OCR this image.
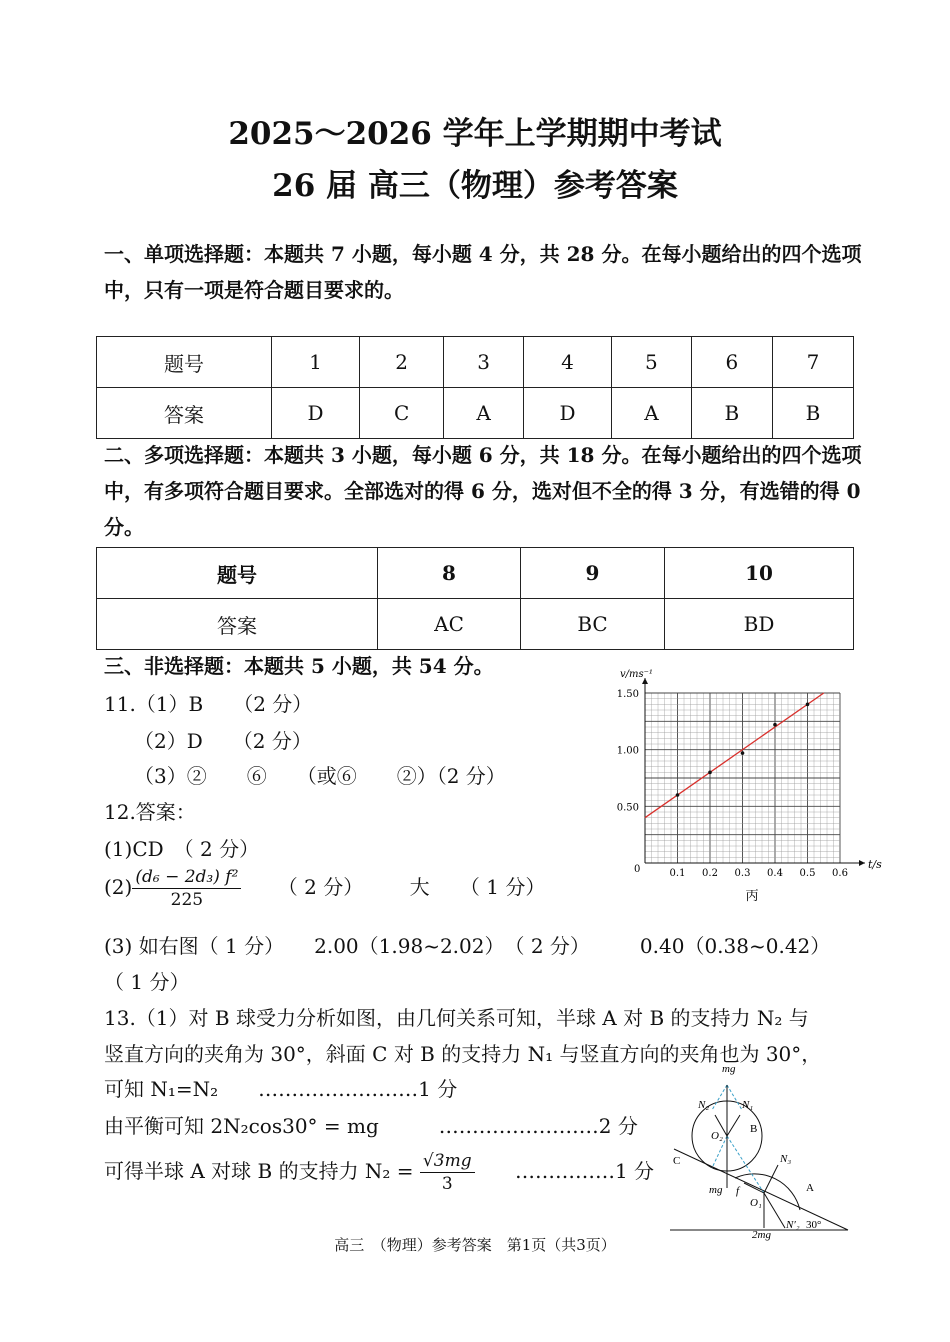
2025～2026 学年上学期期中考试
26 届 高三（物理）参考答案
一、单项选择题：本题共 7 小题，每小题 4 分，共 28 分。在每小题给出的四个选项中，只有一项是符合题目要求的。
题号	1	2	3	4	5	6	7
答案	D	C	A	D	A	B	B
二、多项选择题：本题共 3 小题，每小题 6 分，共 18 分。在每小题给出的四个选项中，有多项符合题目要求。全部选对的得 6 分，选对但不全的得 3 分，有选错的得 0 分。
题号	8	9	10
答案	AC	BC	BD
三、非选择题：本题共 5 小题，共 54 分。
11.（1）B　　（2 分）
（2）D　　（2 分）
（3）②　　⑥　　（或⑥　　②）（2 分）
12.答案：
(1)CD　（ 2 分）
$(2) \frac{\text{(d₆ − 2d₃) f²}}{225}$ （ 2 分） 大 （ 1 分）
(3) 如右图（ 1 分）　　2.00（1.98~2.02）　（ 2 分）　　　0.40（0.38~0.42）
（ 1 分）
13.（1）对 B 球受力分析如图，由几何关系可知，半球 A 对 B 的支持力 N₂ 与
竖直方向的夹角为 30°，斜面 C 对 B 的支持力 N₁ 与竖直方向的夹角也为 30°，
可知 N₁=N₂　　……………………1 分
由平衡可知 2N₂cos30° = mg　　　……………………2 分
可得半球 A 对球 B 的支持力 $N_2 = \frac{√3mg}{3}$ ……………1 分
0.1 0.2 0.3 0.4 0.5 0.6
0.50
1.00
1.50
丙
v/ms⁻¹
t/s
0
mg
N₁
N₂
O₂
B
C	N₃
A
mg f
O₁
N′₂
2mg
30°
高三　（物理）参考答案　第1页（共3页）
